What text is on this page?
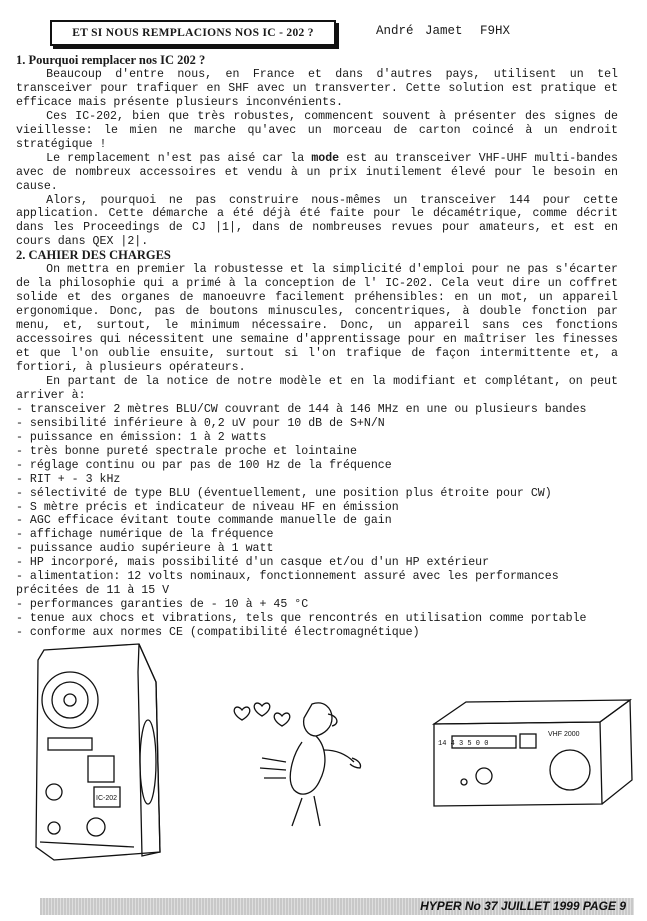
ET SI NOUS REMPLACIONS NOS IC - 202 ?	André Jamet F9HX

1. Pourquoi remplacer nos IC 202 ?

Beaucoup d'entre nous, en France et dans d'autres pays, utilisent un tel transceiver pour trafiquer en SHF avec un transverter. Cette solution est pratique et efficace mais présente plusieurs inconvénients.

Ces IC-202, bien que très robustes, commencent souvent à présenter des signes de vieillesse: le mien ne marche qu'avec un morceau de carton coincé à un endroit stratégique !

Le remplacement n'est pas aisé car la mode est au transceiver VHF-UHF multi-bandes avec de nombreux accessoires et vendu à un prix inutilement élevé pour le besoin en cause.

Alors, pourquoi ne pas construire nous-mêmes un transceiver 144 pour cette application. Cette démarche a été déjà été faite pour le décamétrique, comme décrit dans les Proceedings de CJ |1|, dans de nombreuses revues pour amateurs, et est en cours dans QEX |2|.

2. CAHIER DES CHARGES

On mettra en premier la robustesse et la simplicité d'emploi pour ne pas s'écarter de la philosophie qui a primé à la conception de l' IC-202. Cela veut dire un coffret solide et des organes de manoeuvre facilement préhensibles: en un mot, un appareil ergonomique. Donc, pas de boutons minuscules, concentriques, à double fonction par menu, et, surtout, le minimum nécessaire. Donc, un appareil sans ces fonctions accessoires qui nécessitent une semaine d'apprentissage pour en maîtriser les finesses et que l'on oublie ensuite, surtout si l'on trafique de façon intermittente et, a fortiori, à plusieurs opérateurs.

En partant de la notice de notre modèle et en la modifiant et complétant, on peut arriver à:

- transceiver 2 mètres BLU/CW couvrant de 144 à 146 MHz en une ou plusieurs bandes
- sensibilité inférieure à 0,2 uV pour 10 dB de S+N/N
- puissance en émission: 1 à 2 watts
- très bonne pureté spectrale proche et lointaine
- réglage continu ou par pas de 100 Hz de la fréquence
- RIT + - 3 kHz
- sélectivité de type BLU (éventuellement, une position plus étroite pour CW)
- S mètre précis et indicateur de niveau HF en émission
- AGC efficace évitant toute commande manuelle de gain
- affichage numérique de la fréquence
- puissance audio supérieure à 1 watt
- HP incorporé, mais possibilité d'un casque et/ou d'un HP extérieur
- alimentation: 12 volts nominaux, fonctionnement assuré avec les performances précitées de 11 à 15 V
- performances garanties de - 10 à + 45 °C
- tenue aux chocs et vibrations, tels que rencontrés en utilisation comme portable
- conforme aux normes CE (compatibilité électromagnétique)
IC-202
14 4 3 5 0 0
VHF 2000
HYPER No 37 JUILLET 1999 PAGE 9
